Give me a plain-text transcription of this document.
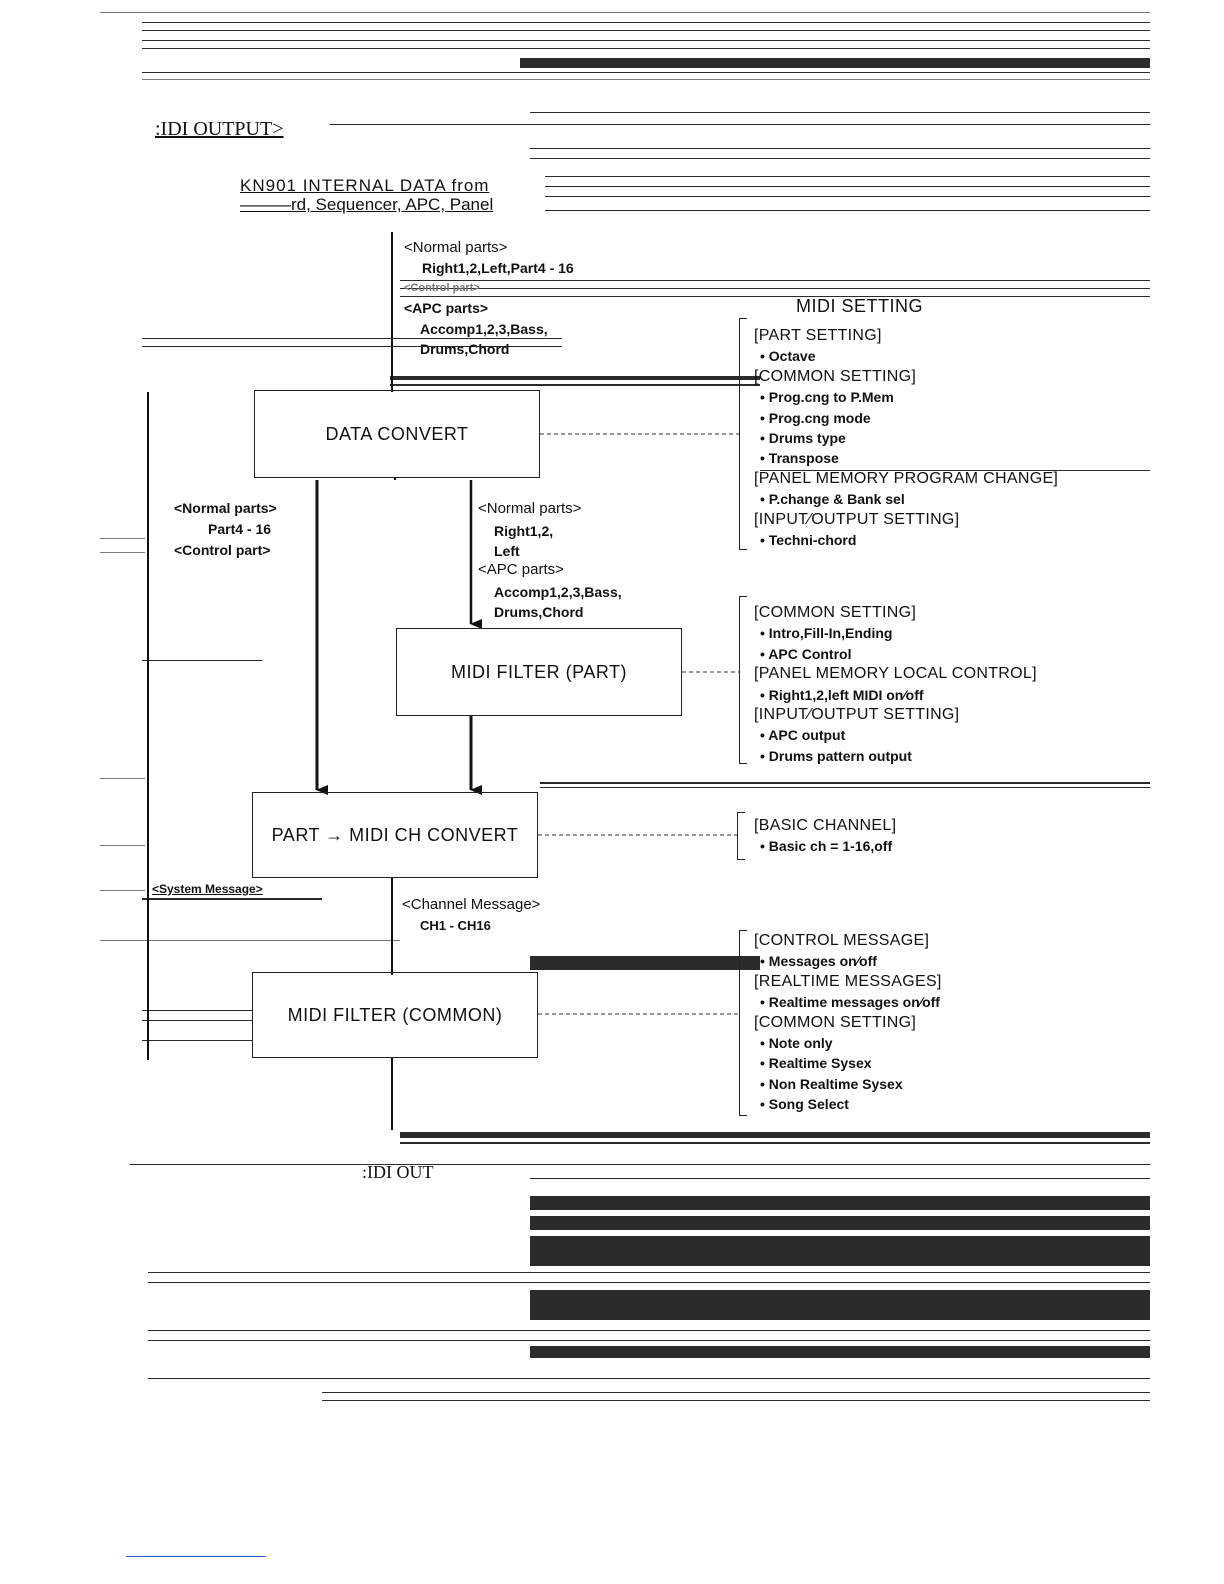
:IDI OUTPUT>
KN901 INTERNAL DATA from
———rd, Sequencer, APC, Panel
<Normal parts>
Right1,2,Left,Part4 - 16
<Control part>
<APC parts>
Accomp1,2,3,Bass,
Drums,Chord
MIDI SETTING
DATA CONVERT
MIDI FILTER (PART)
PART → MIDI CH CONVERT
MIDI FILTER (COMMON)
<Normal parts>
Part4 - 16
<Control part>
<Normal parts>
Right1,2,
Left
<APC parts>
Accomp1,2,3,Bass,
Drums,Chord
<System Message>
<Channel Message>
CH1 - CH16
:IDI OUT
[PART SETTING]
• Octave
[COMMON SETTING]
• Prog.cng to P.Mem
• Prog.cng mode
• Drums type
• Transpose
[PANEL MEMORY PROGRAM CHANGE]
• P.change & Bank sel
[INPUT∕OUTPUT SETTING]
• Techni-chord
[COMMON SETTING]
• Intro,Fill-In,Ending
• APC Control
[PANEL MEMORY LOCAL CONTROL]
• Right1,2,left MIDI on∕off
[INPUT∕OUTPUT SETTING]
• APC output
• Drums pattern output
[BASIC CHANNEL]
• Basic ch = 1-16,off
[CONTROL MESSAGE]
• Messages on∕off
[REALTIME MESSAGES]
• Realtime messages on∕off
[COMMON SETTING]
• Note only
• Realtime Sysex
• Non Realtime Sysex
• Song Select
